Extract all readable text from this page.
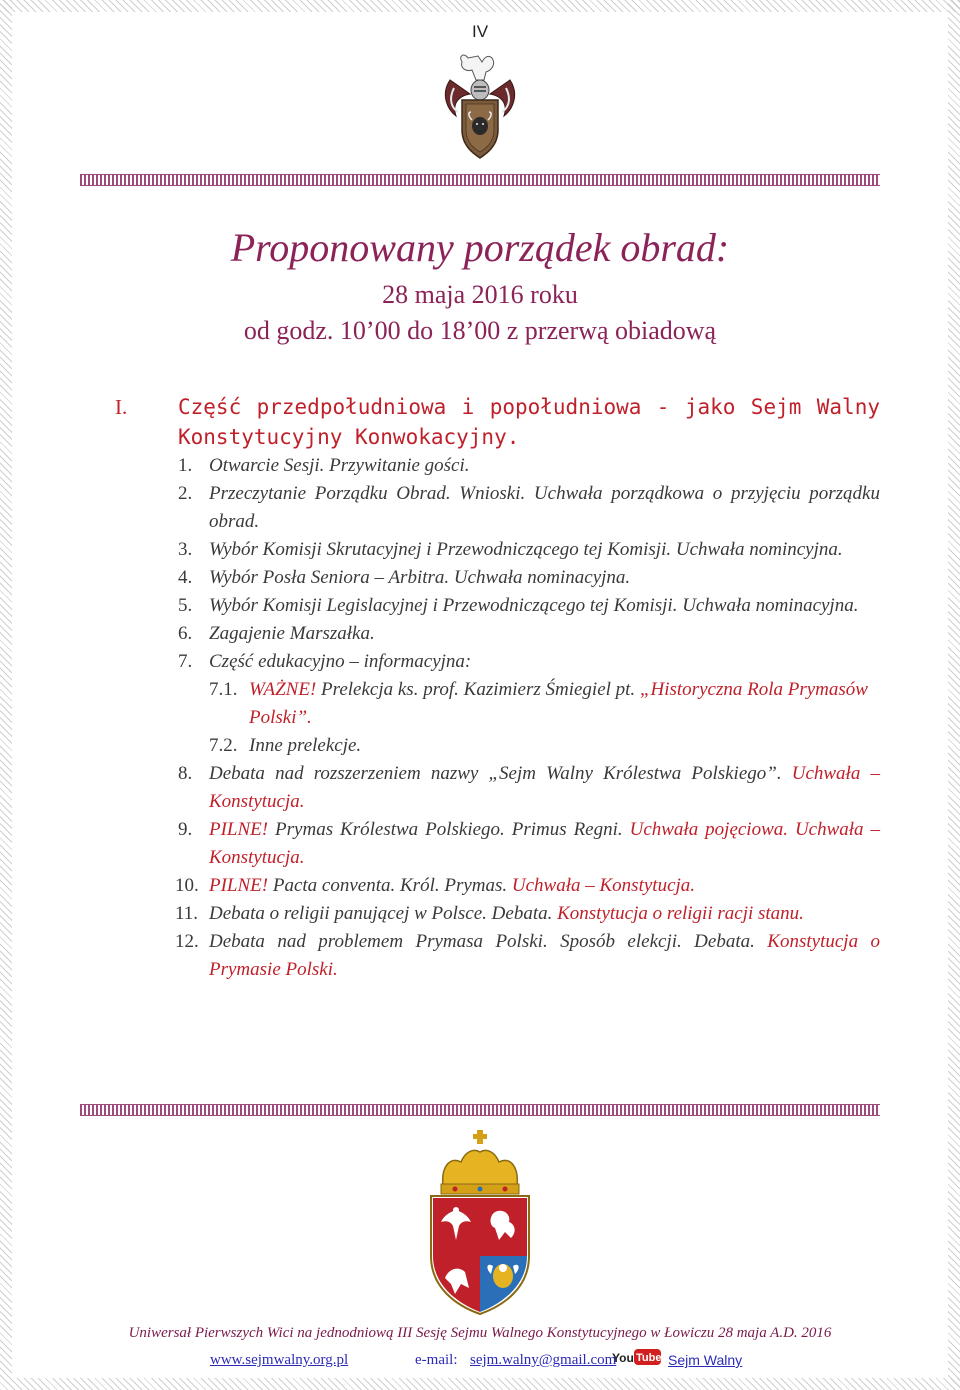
IV
Proponowany porządek obrad:
28 maja 2016 roku
od godz. 10’00 do 18’00 z przerwą obiadową
I. Część przedpołudniowa i popołudniowa - jako Sejm Walny Konstytucyjny Konwokacyjny.
1. Otwarcie Sesji. Przywitanie gości.
2. Przeczytanie Porządku Obrad. Wnioski. Uchwała porządkowa o przyjęciu porządku obrad.
3. Wybór Komisji Skrutacyjnej i Przewodniczącego tej Komisji. Uchwała nomincyjna.
4. Wybór Posła Seniora – Arbitra. Uchwała nominacyjna.
5. Wybór Komisji Legislacyjnej i Przewodniczącego tej Komisji. Uchwała nominacyjna.
6. Zagajenie Marszałka.
7. Część edukacyjno – informacyjna:
7.1. WAŻNE! Prelekcja ks. prof. Kazimierz Śmiegiel pt. „Historyczna Rola Prymasów Polski”.
7.2. Inne prelekcje.
8. Debata nad rozszerzeniem nazwy „Sejm Walny Królestwa Polskiego”. Uchwała – Konstytucja.
9. PILNE! Prymas Królestwa Polskiego. Primus Regni. Uchwała pojęciowa. Uchwała – Konstytucja.
10. PILNE! Pacta conventa. Król. Prymas. Uchwała – Konstytucja.
11. Debata o religii panującej w Polsce. Debata. Konstytucja o religii racji stanu.
12. Debata nad problemem Prymasa Polski. Sposób elekcji. Debata. Konstytucja o Prymasie Polski.
Uniwersał Pierwszych Wici na jednodniową III Sesję Sejmu Walnego Konstytucyjnego w Łowiczu 28 maja A.D. 2016
www.sejmwalny.org.pl	e-mail: sejm.walny@gmail.com
You Tube Sejm Walny
